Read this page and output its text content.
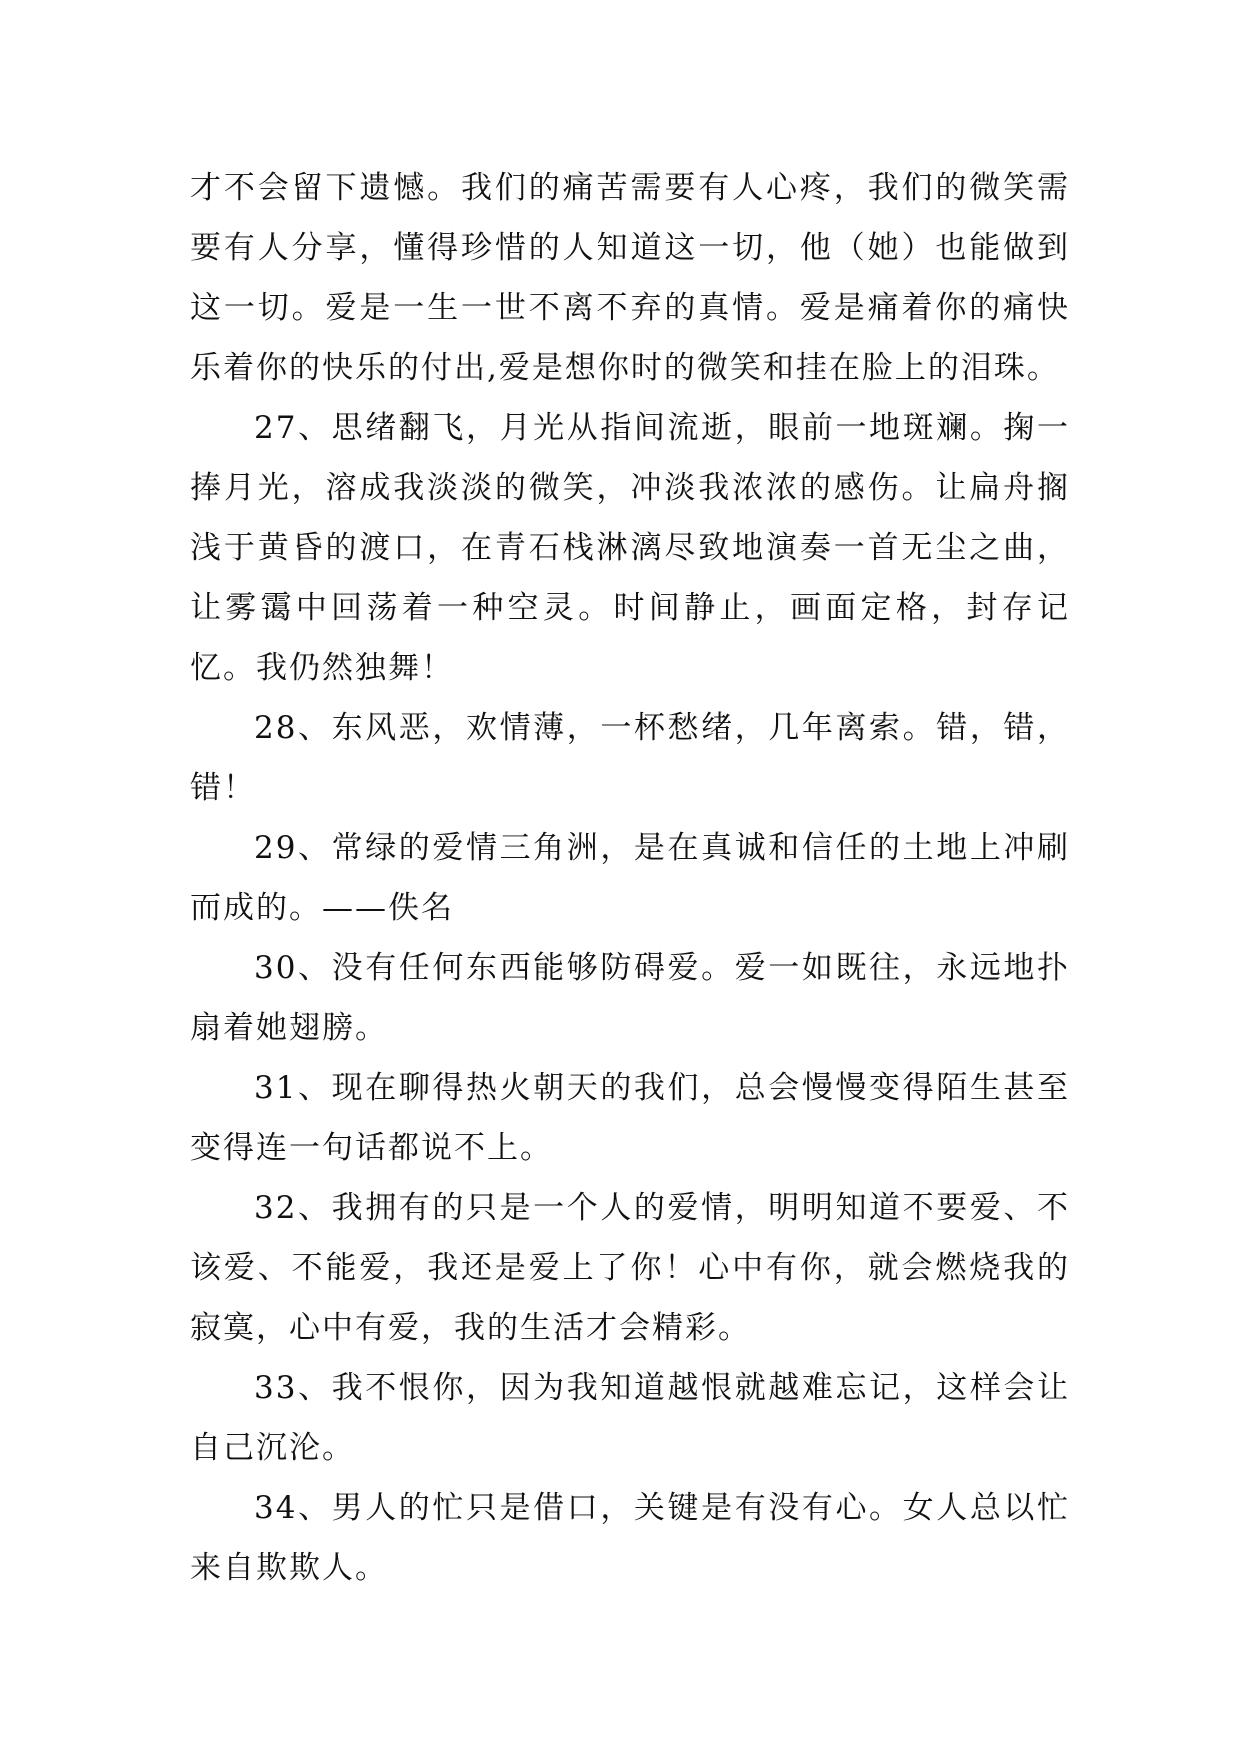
才不会留下遗憾。我们的痛苦需要有人心疼，我们的微笑需要有人分享，懂得珍惜的人知道这一切，他（她）也能做到这一切。爱是一生一世不离不弃的真情。爱是痛着你的痛快乐着你的快乐的付出,爱是想你时的微笑和挂在脸上的泪珠。

27、思绪翻飞，月光从指间流逝，眼前一地斑斓。掬一捧月光，溶成我淡淡的微笑，冲淡我浓浓的感伤。让扁舟搁浅于黄昏的渡口，在青石栈淋漓尽致地演奏一首无尘之曲，让雾霭中回荡着一种空灵。时间静止，画面定格，封存记忆。我仍然独舞！

28、东风恶，欢情薄，一杯愁绪，几年离索。错，错，错！

29、常绿的爱情三角洲，是在真诚和信任的土地上冲刷而成的。——佚名

30、没有任何东西能够防碍爱。爱一如既往，永远地扑扇着她翅膀。

31、现在聊得热火朝天的我们，总会慢慢变得陌生甚至变得连一句话都说不上。

32、我拥有的只是一个人的爱情，明明知道不要爱、不该爱、不能爱，我还是爱上了你！心中有你，就会燃烧我的寂寞，心中有爱，我的生活才会精彩。

33、我不恨你，因为我知道越恨就越难忘记，这样会让自己沉沦。

34、男人的忙只是借口，关键是有没有心。女人总以忙来自欺欺人。
